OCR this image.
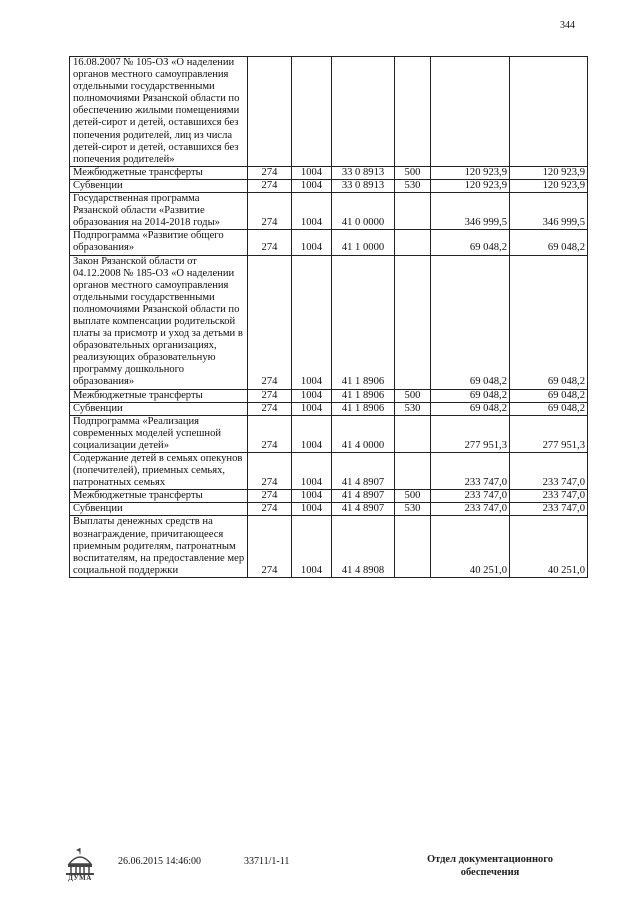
344
16.08.2007 № 105-ОЗ «О наделении органов местного самоуправления отдельными государственными полномочиями Рязанской области по обеспечению жилыми помещениями детей-сирот и детей, оставшихся без попечения родителей, лиц из числа детей-сирот и детей, оставшихся без попечения родителей»						
Межбюджетные трансферты	274	1004	33 0 8913	500	120 923,9	120 923,9
Субвенции	274	1004	33 0 8913	530	120 923,9	120 923,9
Государственная программа Рязанской области «Развитие образования на 2014-2018 годы»	274	1004	41 0 0000		346 999,5	346 999,5
Подпрограмма «Развитие общего образования»	274	1004	41 1 0000		69 048,2	69 048,2
Закон Рязанской области от 04.12.2008 № 185-ОЗ «О наделении органов местного самоуправления отдельными государственными полномочиями Рязанской области по выплате компенсации родительской платы за присмотр и уход за детьми в образовательных организациях, реализующих образовательную программу дошкольного образования»	274	1004	41 1 8906		69 048,2	69 048,2
Межбюджетные трансферты	274	1004	41 1 8906	500	69 048,2	69 048,2
Субвенции	274	1004	41 1 8906	530	69 048,2	69 048,2
Подпрограмма «Реализация современных моделей успешной социализации детей»	274	1004	41 4 0000		277 951,3	277 951,3
Содержание детей в семьях опекунов (попечителей), приемных семьях, патронатных семьях	274	1004	41 4 8907		233 747,0	233 747,0
Межбюджетные трансферты	274	1004	41 4 8907	500	233 747,0	233 747,0
Субвенции	274	1004	41 4 8907	530	233 747,0	233 747,0
Выплаты денежных средств на вознаграждение, причитающееся приемным родителям, патронатным воспитателям, на предоставление мер социальной поддержки	274	1004	41 4 8908		40 251,0	40 251,0
ДУМА
26.06.2015 14:46:00	33711/1-11	Отдел документационного
обеспечения
